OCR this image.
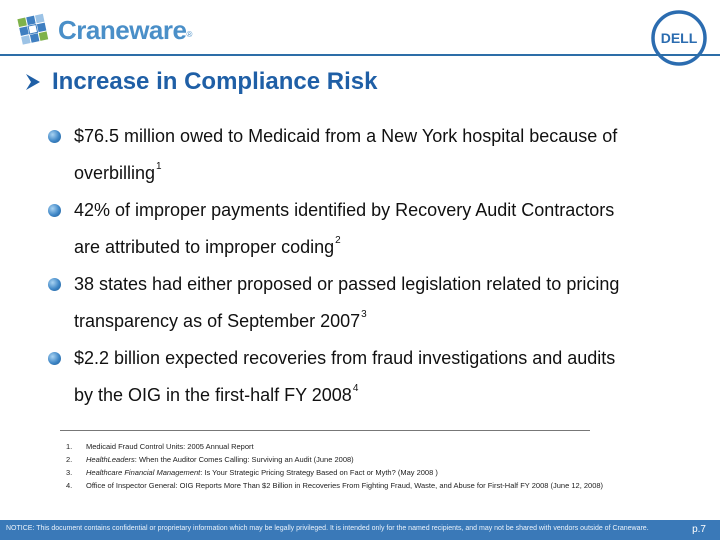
Craneware ®	DELL
Increase in Compliance Risk
$76.5 million owed to Medicaid from a New York hospital because of
overbilling$^1$
42% of improper payments identified by Recovery Audit Contractors
are attributed to improper coding$^2$
38 states had either proposed or passed legislation related to pricing
transparency as of September 2007$^3$
$2.2 billion expected recoveries from fraud investigations and audits
by the OIG in the first-half FY 2008$^4$
1.	Medicaid Fraud Control Units: 2005 Annual Report
2.	HealthLeaders: When the Auditor Comes Calling: Surviving an Audit (June 2008)
3.	Healthcare Financial Management: Is Your Strategic Pricing Strategy Based on Fact or Myth? (May 2008 )
4.	Office of Inspector General: OIG Reports More Than $2 Billion in Recoveries From Fighting Fraud, Waste, and Abuse for First-Half FY 2008 (June 12, 2008)
NOTICE: This document contains confidential or proprietary information which may be legally privileged. It is intended only for the named recipients, and may not be shared with vendors outside of Craneware.	p.7
